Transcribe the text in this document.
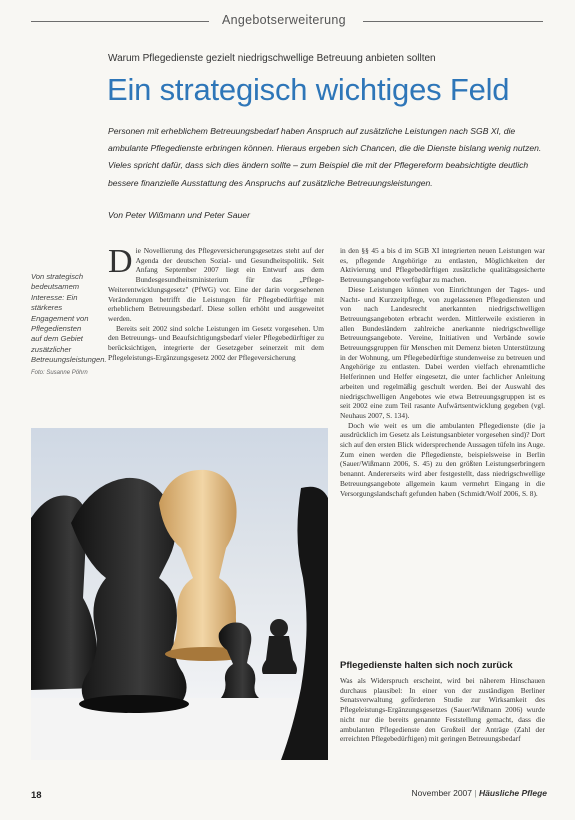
Angebotserweiterung
Warum Pflegedienste gezielt niedrigschwellige Betreuung anbieten sollten
Ein strategisch wichtiges Feld
Personen mit erheblichem Betreuungsbedarf haben Anspruch auf zusätzliche Leistungen nach SGB XI, die ambulante Pflegedienste erbringen können. Hieraus ergeben sich Chancen, die die Dienste bislang wenig nutzen. Vieles spricht dafür, dass sich dies ändern sollte – zum Beispiel die mit der Pflegereform beabsichtigte deutlich bessere finanzielle Ausstattung des Anspruchs auf zusätzliche Betreuungsleistungen.
Von Peter Wißmann und Peter Sauer
Von strategisch bedeutsamem Interesse: Ein stärkeres Engagement von Pflegediensten auf dem Gebiet zusätzlicher Betreuungsleistungen.
Foto: Susanne Pöhrn
D ie Novellierung des Pflegeversicherungsgesetzes steht auf der Agenda der deutschen Sozial- und Gesundheitspolitik. Seit Anfang September 2007 liegt ein Entwurf aus dem Bundesgesundheitsministerium für das „Pflege-Weiterentwicklungsgesetz" (PfWG) vor. Eine der darin vorgesehenen Veränderungen betrifft die Leistungen für Pflegebedürftige mit erheblichem Betreuungsbedarf. Diese sollen erhöht und ausgeweitet werden.
Bereits seit 2002 sind solche Leistungen im Gesetz vorgesehen. Um den Betreuungs- und Beaufsichtigungsbedarf vieler Pflegebedürftiger zu berücksichtigen, integrierte der Gesetzgeber seinerzeit mit dem Pflegeleistungs-Ergänzungsgesetz 2002 der Pflegeversicherung
in den §§ 45 a bis d im SGB XI integrierten neuen Leistungen war es, pflegende Angehörige zu entlasten, Möglichkeiten der Aktivierung und Pflegebedürftigen zusätzliche qualitätsgesicherte Betreuungsangebote verfügbar zu machen.
Diese Leistungen können von Einrichtungen der Tages- und Nacht- und Kurzzeitpflege, von zugelassenen Pflegediensten und von nach Landesrecht anerkannten niedrigschwelligen Betreuungsangeboten erbracht werden. Mittlerweile existieren in allen Bundesländern zahlreiche anerkannte niedrigschwellige Betreuungsangebote. Vereine, Initiativen und Verbände sowie Betreuungsgruppen für Menschen mit Demenz bieten Unterstützung in der Wohnung, um Pflegebedürftige stundenweise zu betreuen und Angehörige zu entlasten. Dabei werden vielfach ehrenamtliche Helferinnen und Helfer eingesetzt, die unter fachlicher Anleitung arbeiten und regelmäßig geschult werden. Bei der Auswahl des niedrigschwelligen Angebotes wie etwa Betreuungsgruppen ist es seit 2002 eine zum Teil rasante Aufwärtsentwicklung gegeben (vgl. Neuhaus 2007, S. 134).
Doch wie weit es um die ambulanten Pflegedienste (die ja ausdrücklich im Gesetz als Leistungsanbieter vorgesehen sind)? Dort sich auf den ersten Blick widersprechende Aussagen tüfeln ins Auge. Zum einen werden die Pflegedienste, beispielsweise in Berlin (Sauer/Wißmann 2006, S. 45) zu den größten Leistungserbringern benannt. Andererseits wird aber festgestellt, dass niedrigschwellige Betreuungsangebote allgemein kaum vermehrt Eingang in die Versorgungslandschaft gefunden haben (Schmidt/Wolf 2006, S. 8).
Pflegedienste halten sich noch zurück
Was als Widerspruch erscheint, wird bei näherem Hinschauen durchaus plausibel: In einer von der zuständigen Berliner Senatsverwaltung geförderten Studie zur Wirksamkeit des Pflegeleistungs-Ergänzungsgesetzes (Sauer/Wißmann 2006) wurde nicht nur die bereits genannte Feststellung gemacht, dass die ambulanten Pflegedienste den Großteil der Anträge (Zahl der erreichten Pflegebedürftigen) mit geringen Betreuungsbedarf
18	November 2007 | Häusliche Pflege
